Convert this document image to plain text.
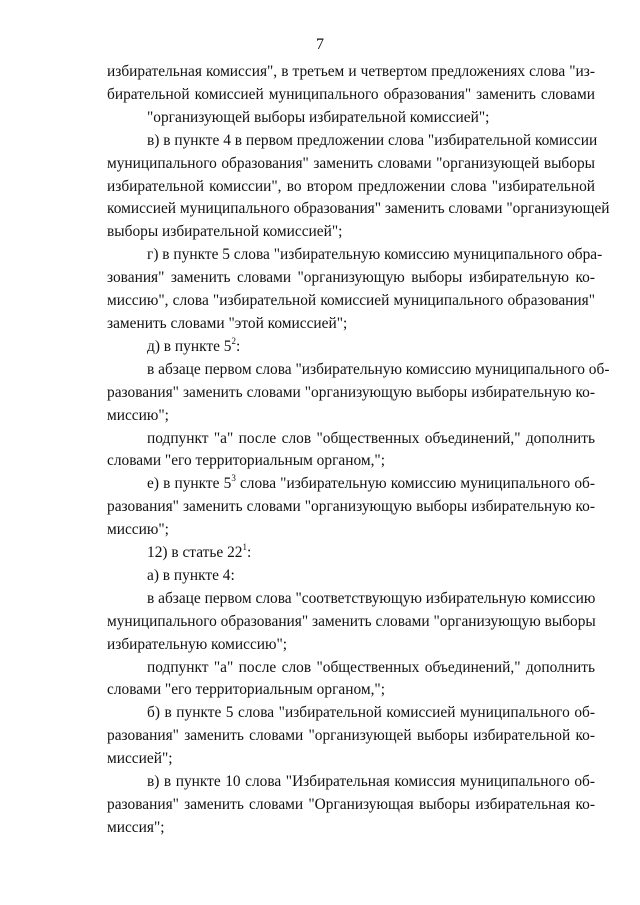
7
избирательная комиссия", в третьем и четвертом предложениях слова "из-
бирательной комиссией муниципального образования" заменить словами
"организующей выборы избирательной комиссией";
в) в пункте 4 в первом предложении слова "избирательной комиссии
муниципального образования" заменить словами "организующей выборы
избирательной комиссии", во втором предложении слова "избирательной
комиссией муниципального образования" заменить словами "организующей
выборы избирательной комиссией";
г) в пункте 5 слова "избирательную комиссию муниципального обра-
зования" заменить словами "организующую выборы избирательную ко-
миссию", слова "избирательной комиссией муниципального образования"
заменить словами "этой комиссией";
д) в пункте $5^2$:
в абзаце первом слова "избирательную комиссию муниципального об-
разования" заменить словами "организующую выборы избирательную ко-
миссию";
подпункт "а" после слов "общественных объединений," дополнить
словами "его территориальным органом,";
е) в пункте $5^3$ слова "избирательную комиссию муниципального об-
разования" заменить словами "организующую выборы избирательную ко-
миссию";
12) в статье $22^1$:
а) в пункте 4:
в абзаце первом слова "соответствующую избирательную комиссию
муниципального образования" заменить словами "организующую выборы
избирательную комиссию";
подпункт "а" после слов "общественных объединений," дополнить
словами "его территориальным органом,";
б) в пункте 5 слова "избирательной комиссией муниципального об-
разования" заменить словами "организующей выборы избирательной ко-
миссией";
в) в пункте 10 слова "Избирательная комиссия муниципального об-
разования" заменить словами "Организующая выборы избирательная ко-
миссия";
